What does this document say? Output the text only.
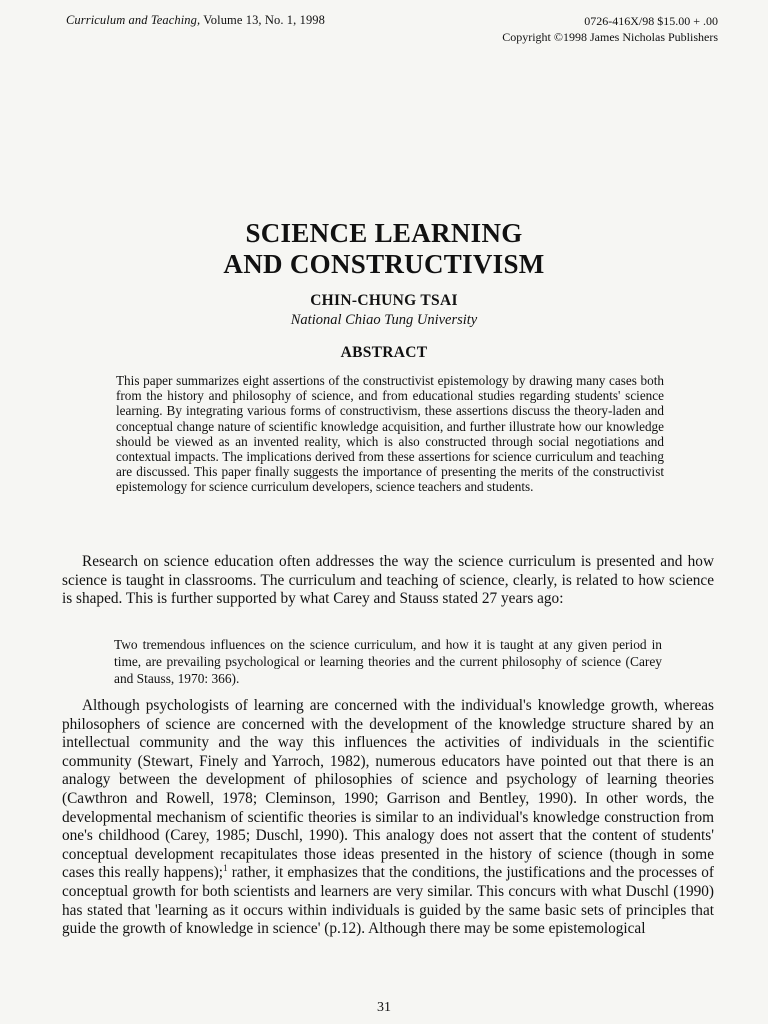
Curriculum and Teaching, Volume 13, No. 1, 1998	0726-416X/98 $15.00 + .00
Copyright ©1998 James Nicholas Publishers
SCIENCE LEARNING
AND CONSTRUCTIVISM
CHIN-CHUNG TSAI
National Chiao Tung University
ABSTRACT
This paper summarizes eight assertions of the constructivist epistemology by drawing many cases both from the history and philosophy of science, and from educational studies regarding students' science learning. By integrating various forms of constructivism, these assertions discuss the theory-laden and conceptual change nature of scientific knowledge acquisition, and further illustrate how our knowledge should be viewed as an invented reality, which is also constructed through social negotiations and contextual impacts. The implications derived from these assertions for science curriculum and teaching are discussed. This paper finally suggests the importance of presenting the merits of the constructivist epistemology for science curriculum developers, science teachers and students.
Research on science education often addresses the way the science curriculum is presented and how science is taught in classrooms. The curriculum and teaching of science, clearly, is related to how science is shaped. This is further supported by what Carey and Stauss stated 27 years ago:
Two tremendous influences on the science curriculum, and how it is taught at any given period in time, are prevailing psychological or learning theories and the current philosophy of science (Carey and Stauss, 1970: 366).
Although psychologists of learning are concerned with the individual's knowledge growth, whereas philosophers of science are concerned with the development of the knowledge structure shared by an intellectual community and the way this influences the activities of individuals in the scientific community (Stewart, Finely and Yarroch, 1982), numerous educators have pointed out that there is an analogy between the development of philosophies of science and psychology of learning theories (Cawthron and Rowell, 1978; Cleminson, 1990; Garrison and Bentley, 1990). In other words, the developmental mechanism of scientific theories is similar to an individual's knowledge construction from one's childhood (Carey, 1985; Duschl, 1990). This analogy does not assert that the content of students' conceptual development recapitulates those ideas presented in the history of science (though in some cases this really happens);$^1$ rather, it emphasizes that the conditions, the justifications and the processes of conceptual growth for both scientists and learners are very similar. This concurs with what Duschl (1990) has stated that 'learning as it occurs within individuals is guided by the same basic sets of principles that guide the growth of knowledge in science' (p.12). Although there may be some epistemological
31
